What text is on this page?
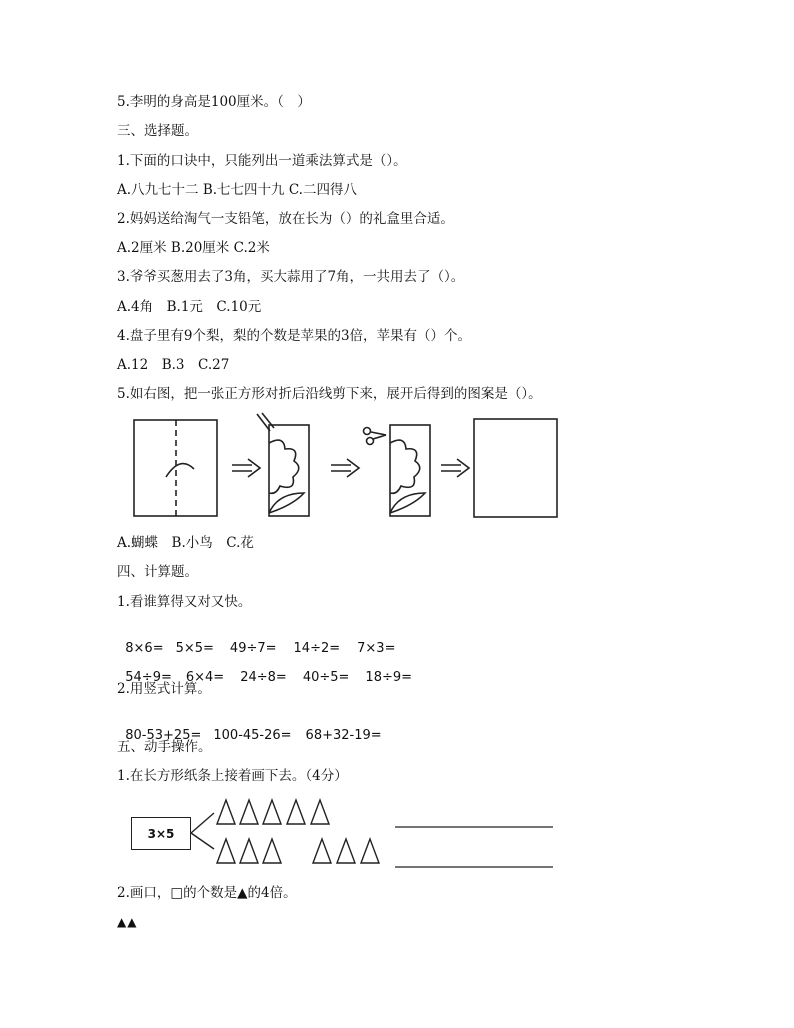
5.李明的身高是100厘米。（　）
三、选择题。
1.下面的口诀中，只能列出一道乘法算式是（）。
A.八九七十二 B.七七四十九 C.二四得八
2.妈妈送给淘气一支铅笔，放在长为（）的礼盒里合适。
A.2厘米 B.20厘米 C.2米
3.爷爷买葱用去了3角，买大蒜用了7角，一共用去了（）。
A.4角　B.1元　C.10元
4.盘子里有9个梨，梨的个数是苹果的3倍，苹果有（）个。
A.12　B.3　C.27
5.如右图，把一张正方形对折后沿线剪下来，展开后得到的图案是（）。
A.蝴蝶　B.小鸟　C.花
四、计算题。
1.看谁算得又对又快。

8×6= 5×5= 49÷7= 14÷2= 7×3=

54÷9= 6×4= 24÷8= 40÷5= 18÷9=

2.用竖式计算。

80-53+25= 100-45-26= 68+32-19=

五、动手操作。
1.在长方形纸条上接着画下去。（4分）
3×5
2.画口，□的个数是▲的4倍。
▲▲
